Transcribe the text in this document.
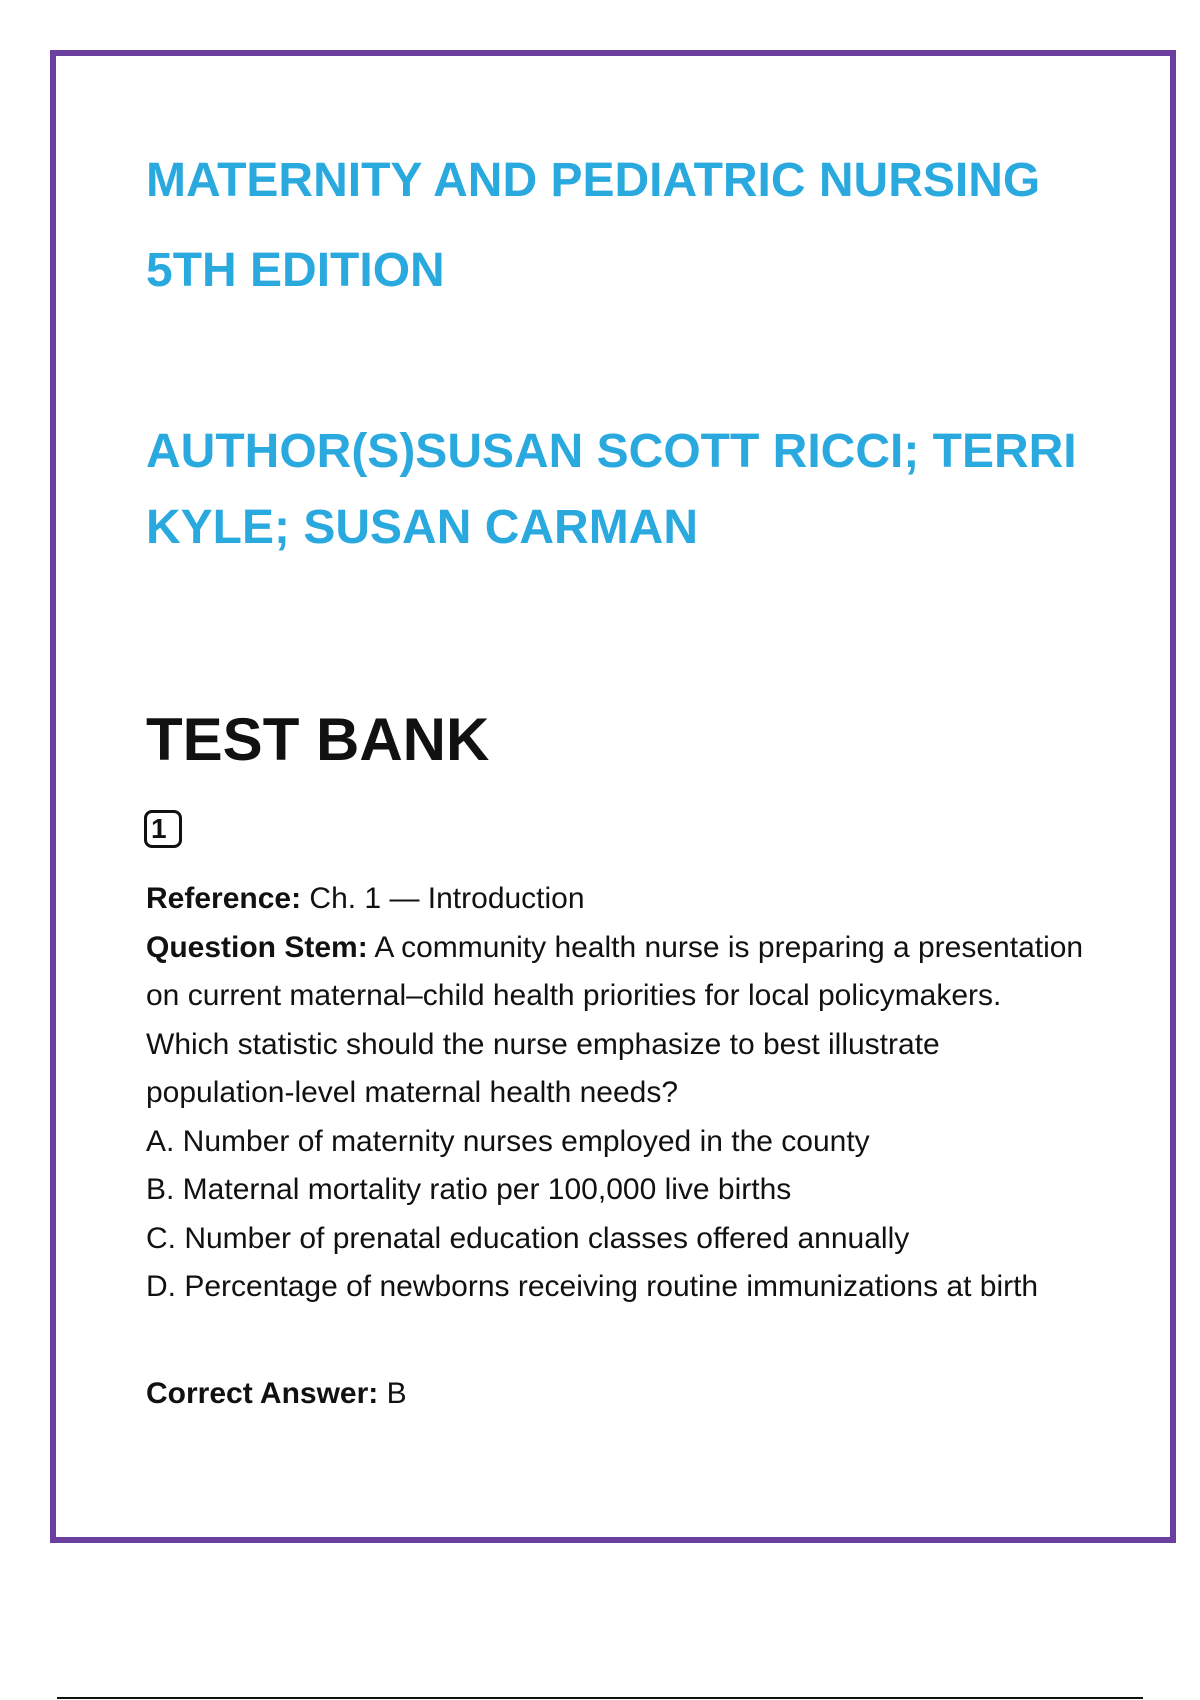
MATERNITY AND PEDIATRIC NURSING
5TH EDITION
AUTHOR(S)SUSAN SCOTT RICCI; TERRI
KYLE; SUSAN CARMAN
TEST BANK
1

Reference: Ch. 1 — Introduction

Question Stem: A community health nurse is preparing a presentation on current maternal–child health priorities for local policymakers. Which statistic should the nurse emphasize to best illustrate population-level maternal health needs?

A. Number of maternity nurses employed in the county
B. Maternal mortality ratio per 100,000 live births
C. Number of prenatal education classes offered annually
D. Percentage of newborns receiving routine immunizations at birth
Correct Answer: B
